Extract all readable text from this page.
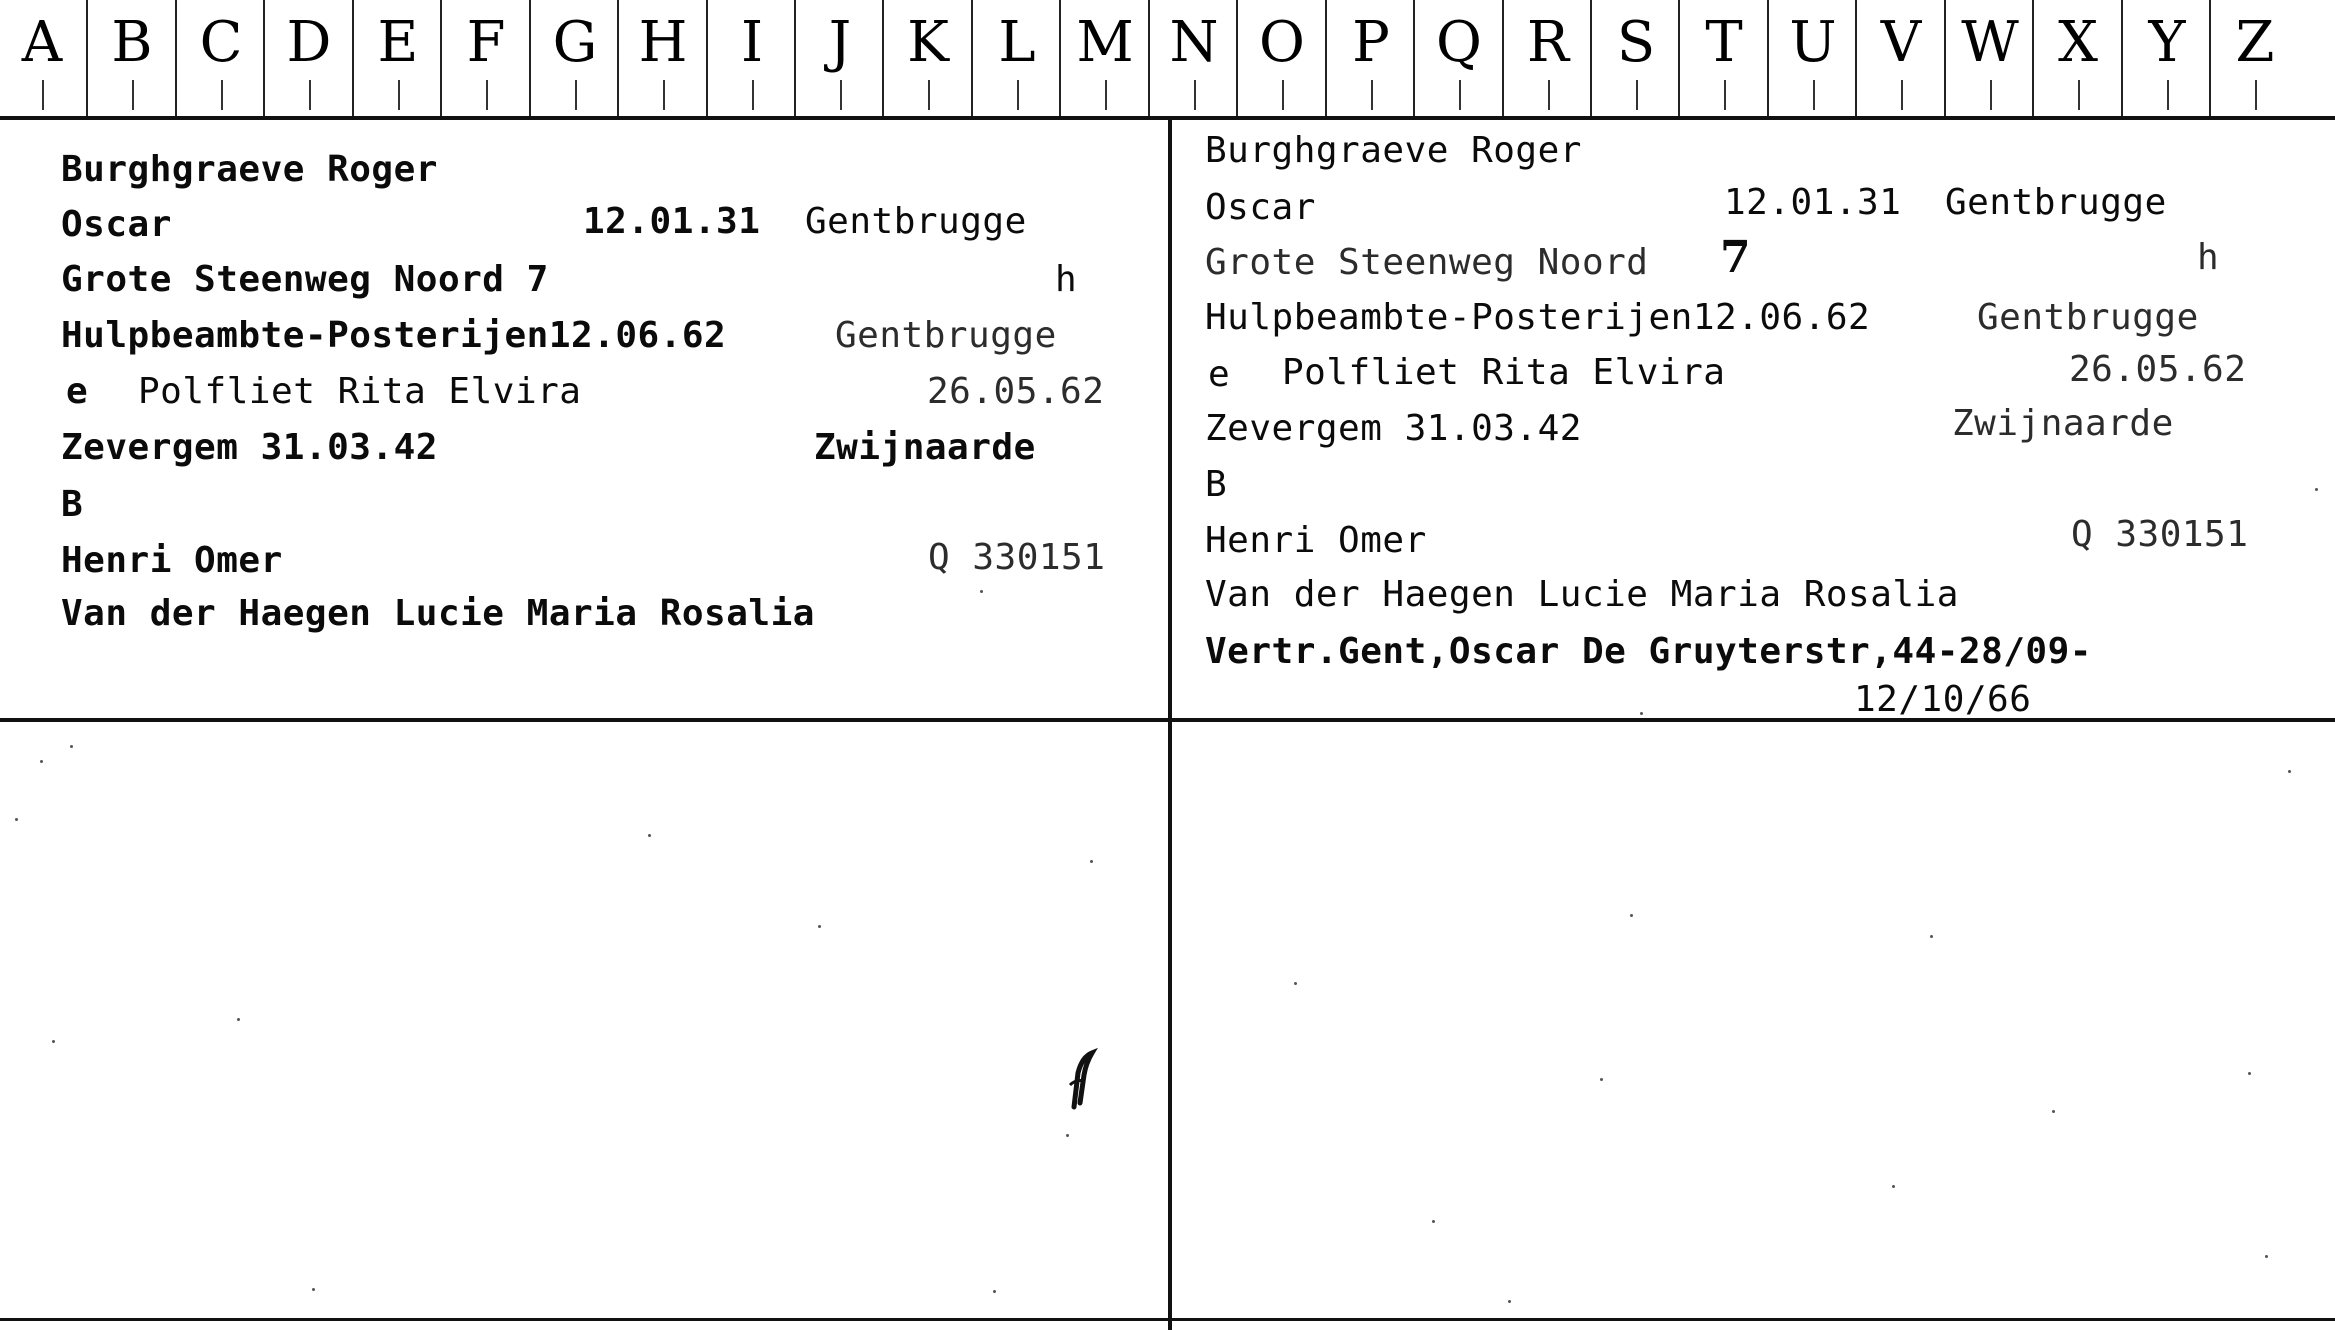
A B C D E F G H I	J K L M N O P Q R S T U V W X Y Z
Burghgraeve Roger
Oscar	12.01.31 Gentbrugge
Grote Steenweg Noord 7	h
Hulpbeambte-Posterijen12.06.62	Gentbrugge
e Polfliet Rita Elvira	26.05.62
Zevergem 31.03.42	Zwijnaarde
B
Henri Omer	Q 330151
Van der Haegen Lucie Maria Rosalia
Burghgraeve Roger
Oscar	12.01.31 Gentbrugge
Grote Steenweg Noord 7	h
Hulpbeambte-Posterijen12.06.62	Gentbrugge
e Polfliet Rita Elvira	26.05.62
Zevergem 31.03.42	Zwijnaarde
B
Henri Omer	Q 330151
Van der Haegen Lucie Maria Rosalia
Vertr.Gent,Oscar De Gruyterstr,44-28/09-
12/10/66
